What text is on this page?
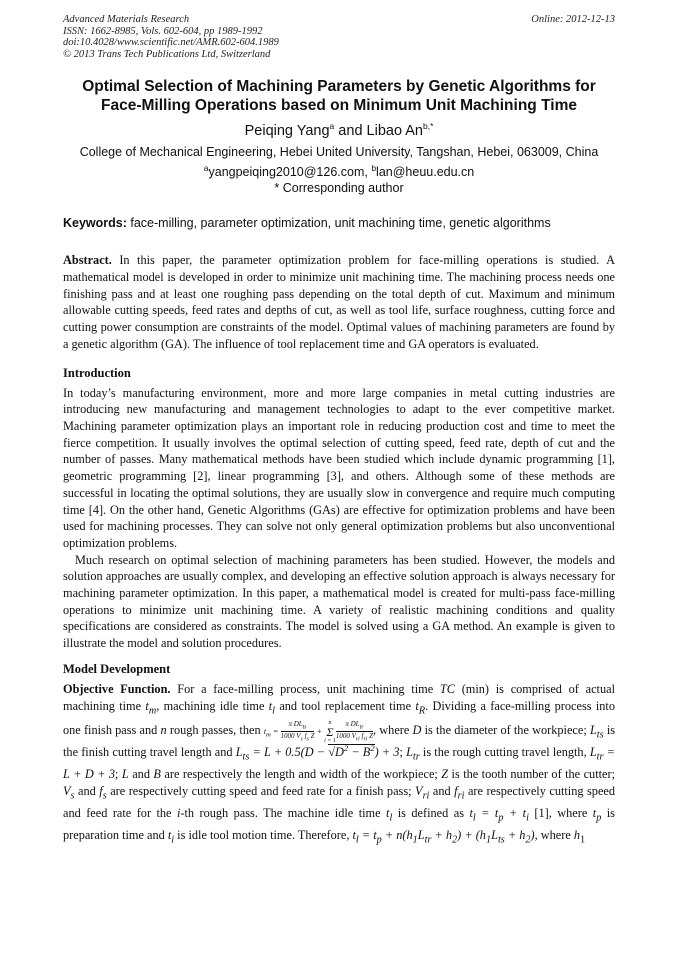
Advanced Materials Research
ISSN: 1662-8985, Vols. 602-604, pp 1989-1992
doi:10.4028/www.scientific.net/AMR.602-604.1989
© 2013 Trans Tech Publications Ltd, Switzerland
Online: 2012-12-13
Optimal Selection of Machining Parameters by Genetic Algorithms for
Face-Milling Operations based on Minimum Unit Machining Time
Peiqing Yang$^a$ and Libao $An^{b,*}$
College of Mechanical Engineering, Hebei United University, Tangshan, Hebei, 063009, China
$^a$yangpeiqing2010@126.com, $^b$lan@heuu.edu.cn
* Corresponding author
Keywords: face-milling, parameter optimization, unit machining time, genetic algorithms

Abstract. In this paper, the parameter optimization problem for face-milling operations is studied. A mathematical model is developed in order to minimize unit machining time. The machining process needs one finishing pass and at least one roughing pass depending on the total depth of cut. Maximum and minimum allowable cutting speeds, feed rates and depths of cut, as well as tool life, surface roughness, cutting force and cutting power consumption are constraints of the model. Optimal values of machining parameters are found by a genetic algorithm (GA). The influence of tool replacement time and GA operators is evaluated.

Introduction

In today’s manufacturing environment, more and more large companies in metal cutting industries are introducing new manufacturing and management technologies to adapt to the ever competitive market. Machining parameter optimization plays an important role in reducing production cost and time to meet the fierce competition. It usually involves the optimal selection of cutting speed, feed rate, depth of cut and the number of passes. Many mathematical methods have been studied which include dynamic programming [1], geometric programming [2], linear programming [3], and others. Although some of these methods are successful in locating the optimal solutions, they are usually slow in convergence and require much computing time [4]. On the other hand, Genetic Algorithms (GAs) are effective for optimization problems and have been used for machining processes. They can solve not only general optimization problems but also unconventional optimization problems.

Much research on optimal selection of machining parameters has been studied. However, the models and solution approaches are usually complex, and developing an effective solution approach is always necessary for machining parameter optimization. In this paper, a mathematical model is created for multi-pass face-milling operations to minimize unit machining time. A variety of realistic machining conditions and quality specifications are considered as constraints. The model is solved using a GA method. An example is given to illustrate the model and solution procedures.

Model Development

Objective Function. For a face-milling process, unit machining time TC (min) is comprised of actual machining time $t_m$, machining idle time $t_l$ and tool replacement time $t_R$. Dividing a face-milling process into one finish pass and n rough passes, then $t_m = \frac{\pi DL_{ts}}{1000 V_s f_s Z}$ +
n
Σ
$i = 1 \frac{\pi DL_{tr}}{1000 V_{ri} f_{ri} Z}$ , where D is the diameter of the workpiece; $L_{ts}$ is the finish cutting travel length and $L_{ts} = L + 0.5(D - √D^2 - B^2) + 3$; $L_{tr}$ is the rough cutting travel length, $L_{tr} = L + D + 3$; L and B are respectively the length and width of the workpiece; Z is the tooth number of the cutter; $V_s$ and $f_s$ are respectively cutting speed and feed rate for a finish pass; $V_{ri}$ and $f_{ri}$ are respectively cutting speed and feed rate for the i-th rough pass. The machine idle time $t_l$ is defined as $t_l = t_p + t_i$ [1], where $t_p$ is preparation time and $t_i$ is idle tool motion time. Therefore, $t_l = t_p + n(h_1L_{tr} + h_2) + (h_1L_{ts} + h_2)$, where $h_1$
